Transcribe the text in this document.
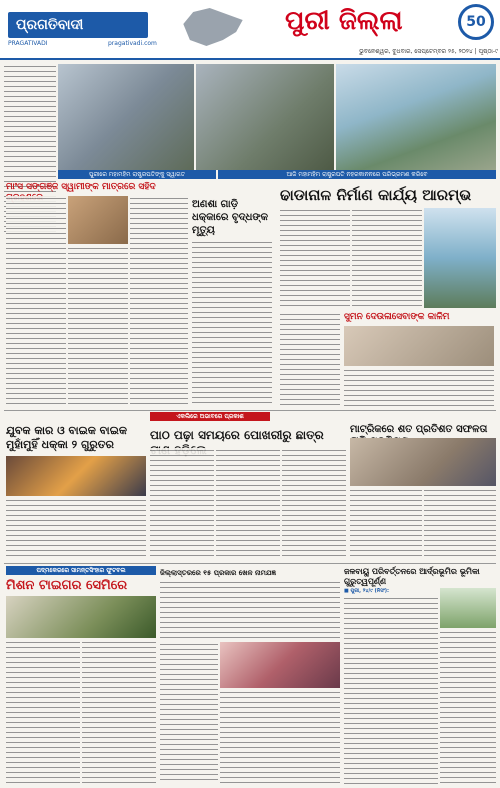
ପ୍ରଗତିବାଦୀ
PRAGATIVADI	pragativadi.com
ପୁରୀ ଜିଲ୍ଲା	50
ଭୁବନେଶ୍ୱର, ବୁଧବାର, ସେପ୍ଟେମ୍ବର ୨୫, ୨୦୨୪ | ପୃଷ୍ଠା-୯
ପୁରୀରେ ମହାମହିମ ରାଷ୍ଟ୍ରପତିଙ୍କୁ ସ୍ୱାଗତ	ଆଜି ମହାମହିମ ରାଷ୍ଟ୍ରପତି ନହରକାନନରେ ପରିଭ୍ରମଣ କରିବେ
ମାଂସ ସଙ୍ଗଞ୍ଜ ସ୍ୱାମୀଙ୍କ ମାତ୍ରରେ ସହିଦ
ଅଣଶା ଗାଡ଼ି ଧକ୍କାରେ ବୃଦ୍ଧଙ୍କ ମୃତ୍ୟୁ
ଢାଡାନାଳ ନିର୍ମାଣ କାର୍ଯ୍ୟ ଆରମ୍ଭ
ସୁମନ ଦେଉଳାସେବାଙ୍କ କାଳିମ
ଏକଲିରେ ଅଭାବରେ ପ୍ରକାଶ
ଯୁବକ କାର ଓ ବାଇକ ବାଇକ ମୁହାଁମୁହିଁ ଧକ୍କା ୨ ଗୁରୁତର
ପାଠ ପଢ଼ା ସମୟରେ ପୋଖରୀରୁ ଛାତ୍ର	ମାଟ୍ରିକରେ ଶତ ପ୍ରତିଶତ ସଫଳତା
ପଦ୍ମକେରରେ ସାମନ୍ତସିଂହାର ଫୁଟବଲ
ମିଶନ ଟାଇଗର ସେମିରେ
ଜିଲ୍ଲାସ୍ତରରେ ୧୫ ପ୍ରକାର ଖେଳ ନାମଯଜ୍ଞ	ଜଳବାୟୁ ପରିବର୍ତ୍ତନରେ ଆର୍ଦ୍ରଭୂମିର ଭୂମିକା ଗୁରୁତ୍ୱପୂର୍ଣ୍ଣ
■ ପୁରୀ, ୨୪/୯ (ନିସଂ):
